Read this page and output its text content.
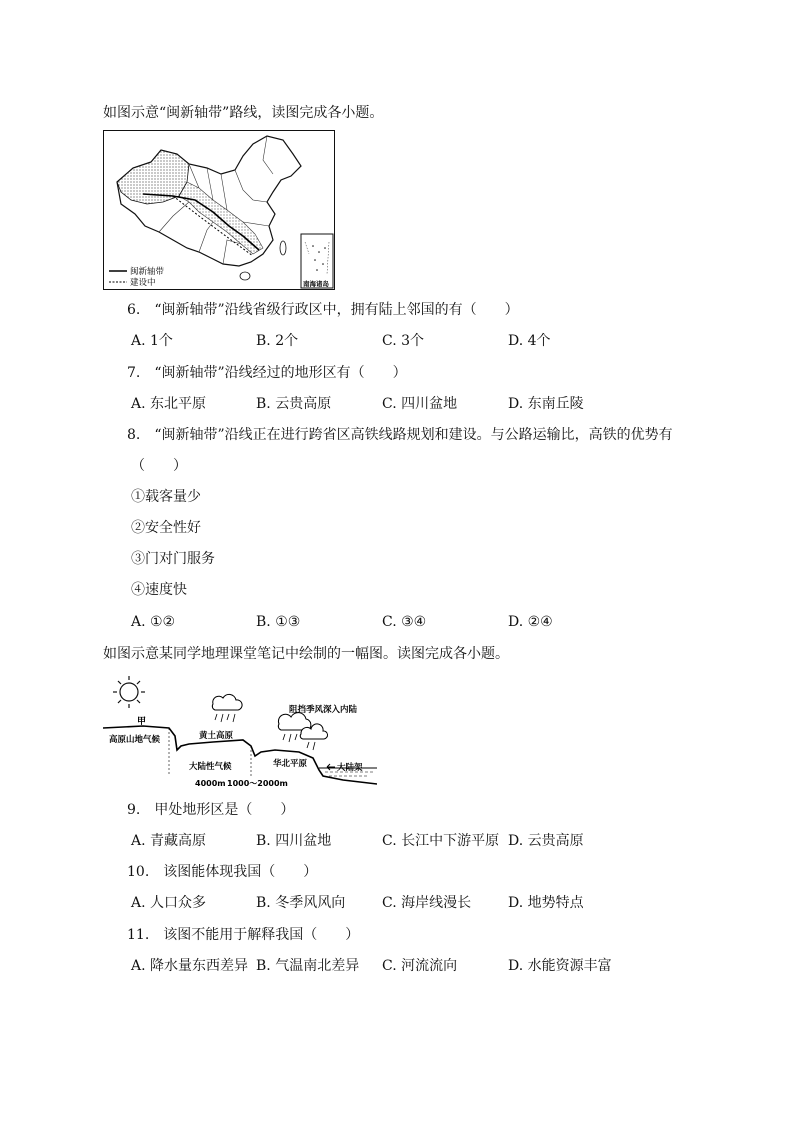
如图示意“闽新轴带”路线，读图完成各小题。
闽新轴带
建设中	南海诸岛
6.　“闽新轴带”沿线省级行政区中，拥有陆上邻国的有（　　）
A. 1个	B. 2个	C. 3个	D. 4个
7.　“闽新轴带”沿线经过的地形区有（　　）
A. 东北平原	B. 云贵高原	C. 四川盆地	D. 东南丘陵
8.　“闽新轴带”沿线正在进行跨省区高铁线路规划和建设。与公路运输比，高铁的优势有
（　　）
①载客量少
②安全性好
③门对门服务
④速度快
A. ①②	B. ①③	C. ③④	D. ②④
如图示意某同学地理课堂笔记中绘制的一幅图。读图完成各小题。
甲
阻挡季风深入内陆
高原山地气候	黄土高原
大陆性气候	华北平原	大陆架
4000m 1000～2000m
9.　甲处地形区是（　　）
A. 青藏高原	B. 四川盆地	C. 长江中下游平原 D. 云贵高原
10.　该图能体现我国（　　）
A. 人口众多	B. 冬季风风向	C. 海岸线漫长	D. 地势特点
11.　该图不能用于解释我国（　　）
A. 降水量东西差异 B. 气温南北差异 C. 河流流向	D. 水能资源丰富
